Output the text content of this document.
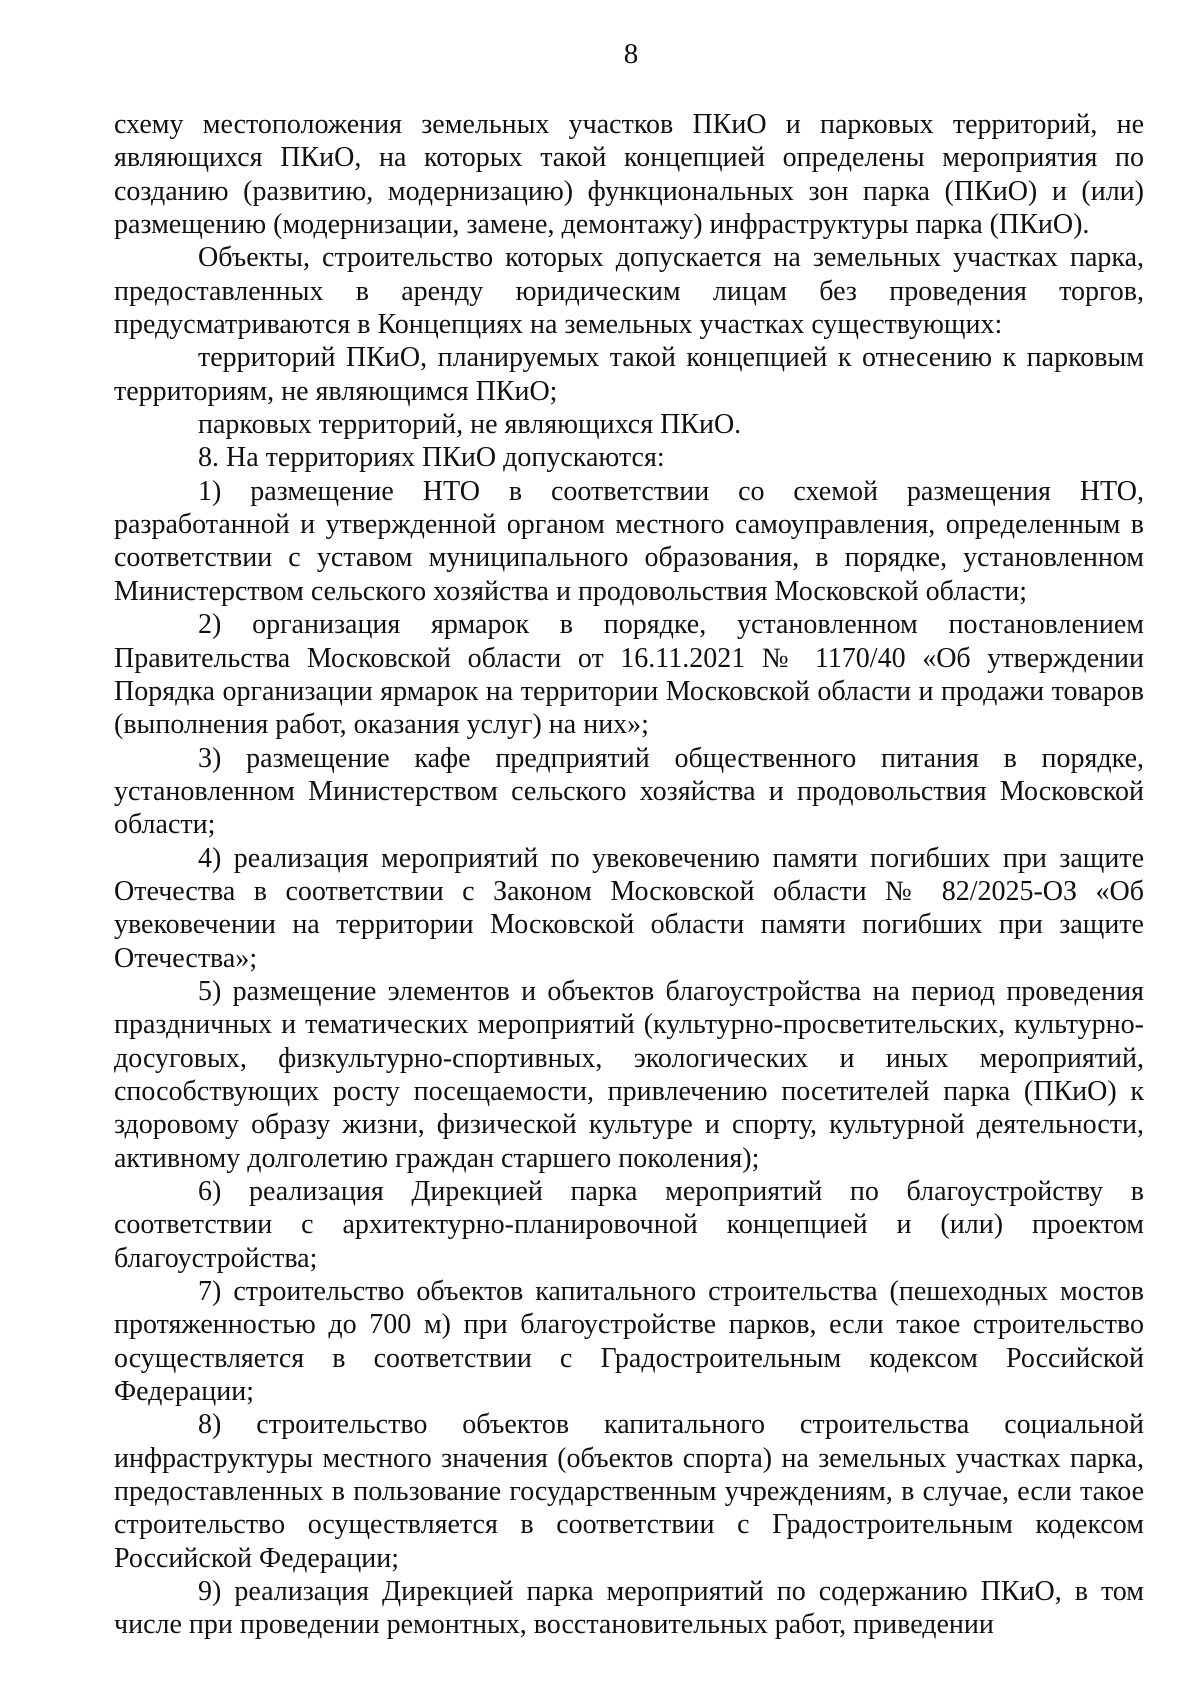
8

схему местоположения земельных участков ПКиО и парковых территорий, не являющихся ПКиО, на которых такой концепцией определены мероприятия по созданию (развитию, модернизацию) функциональных зон парка (ПКиО) и (или) размещению (модернизации, замене, демонтажу) инфраструктуры парка (ПКиО).

Объекты, строительство которых допускается на земельных участках парка, предоставленных в аренду юридическим лицам без проведения торгов, предусматриваются в Концепциях на земельных участках существующих:

территорий ПКиО, планируемых такой концепцией к отнесению к парковым территориям, не являющимся ПКиО;

парковых территорий, не являющихся ПКиО.

8. На территориях ПКиО допускаются:

1) размещение НТО в соответствии со схемой размещения НТО, разработанной и утвержденной органом местного самоуправления, определенным в соответствии с уставом муниципального образования, в порядке, установленном Министерством сельского хозяйства и продовольствия Московской области;

2) организация ярмарок в порядке, установленном постановлением Правительства Московской области от 16.11.2021 № 1170/40 «Об утверждении Порядка организации ярмарок на территории Московской области и продажи товаров (выполнения работ, оказания услуг) на них»;

3) размещение кафе предприятий общественного питания в порядке, установленном Министерством сельского хозяйства и продовольствия Московской области;

4) реализация мероприятий по увековечению памяти погибших при защите Отечества в соответствии с Законом Московской области № 82/2025-ОЗ «Об увековечении на территории Московской области памяти погибших при защите Отечества»;

5) размещение элементов и объектов благоустройства на период проведения праздничных и тематических мероприятий (культурно-просветительских, культурно-досуговых, физкультурно-спортивных, экологических и иных мероприятий, способствующих росту посещаемости, привлечению посетителей парка (ПКиО) к здоровому образу жизни, физической культуре и спорту, культурной деятельности, активному долголетию граждан старшего поколения);

6) реализация Дирекцией парка мероприятий по благоустройству в соответствии с архитектурно-планировочной концепцией и (или) проектом благоустройства;

7) строительство объектов капитального строительства (пешеходных мостов протяженностью до 700 м) при благоустройстве парков, если такое строительство осуществляется в соответствии с Градостроительным кодексом Российской Федерации;

8) строительство объектов капитального строительства социальной инфраструктуры местного значения (объектов спорта) на земельных участках парка, предоставленных в пользование государственным учреждениям, в случае, если такое строительство осуществляется в соответствии с Градостроительным кодексом Российской Федерации;

9) реализация Дирекцией парка мероприятий по содержанию ПКиО, в том числе при проведении ремонтных, восстановительных работ, приведении
